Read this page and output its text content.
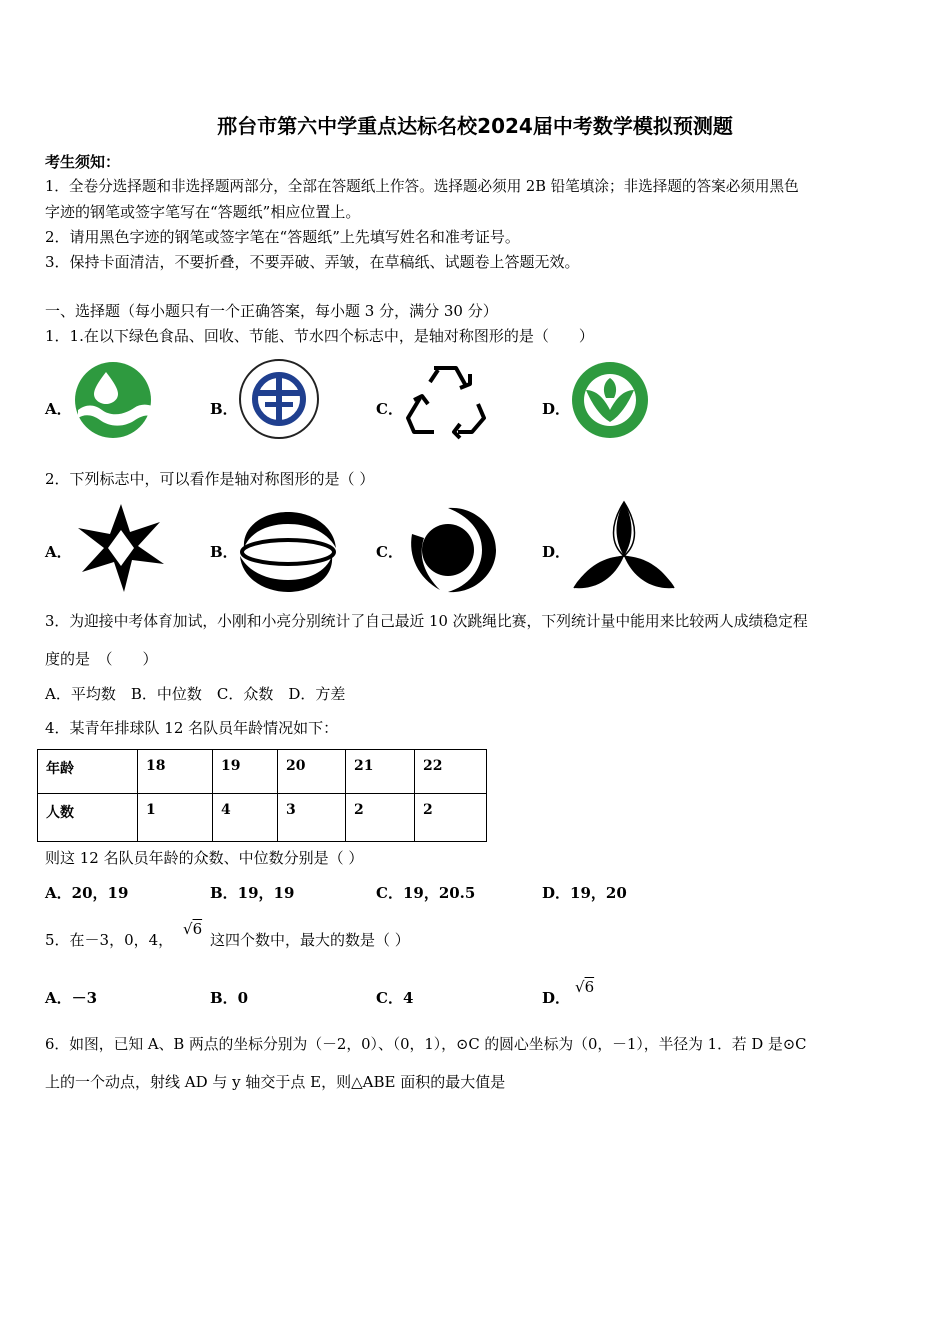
邢台市第六中学重点达标名校2024届中考数学模拟预测题
考生须知：
1．全卷分选择题和非选择题两部分，全部在答题纸上作答。选择题必须用 2B 铅笔填涂；非选择题的答案必须用黑色
字迹的钢笔或签字笔写在“答题纸”相应位置上。
2．请用黑色字迹的钢笔或签字笔在“答题纸”上先填写姓名和准考证号。
3．保持卡面清洁，不要折叠，不要弄破、弄皱，在草稿纸、试题卷上答题无效。
一、选择题（每小题只有一个正确答案，每小题 3 分，满分 30 分）
1．1.在以下绿色食品、回收、节能、节水四个标志中，是轴对称图形的是（　　）
A．	B．	C．	D．
2．下列标志中，可以看作是轴对称图形的是（ ）
A．	B．	C．	D．
3．为迎接中考体育加试，小刚和小亮分别统计了自己最近 10 次跳绳比赛，下列统计量中能用来比较两人成绩稳定程
度的是　（　　）
A．平均数　B．中位数　C．众数　D．方差
4．某青年排球队 12 名队员年龄情况如下：
年龄	18	19	20	21	22
人数	1	4	3	2	2
则这 12 名队员年龄的众数、中位数分别是（ ）
A．20，19	B．19，19	C．19，20.5	D．19，20
5．在－3，0，4，
√6
这四个数中，最大的数是（ ）
A．－3	B．0	C．4	D．
√6
6．如图，已知 A、B 两点的坐标分别为（－2，0）、（0，1），⊙C 的圆心坐标为（0，－1），半径为 1．若 D 是⊙C
上的一个动点，射线 AD 与 y 轴交于点 E，则△ABE 面积的最大值是
